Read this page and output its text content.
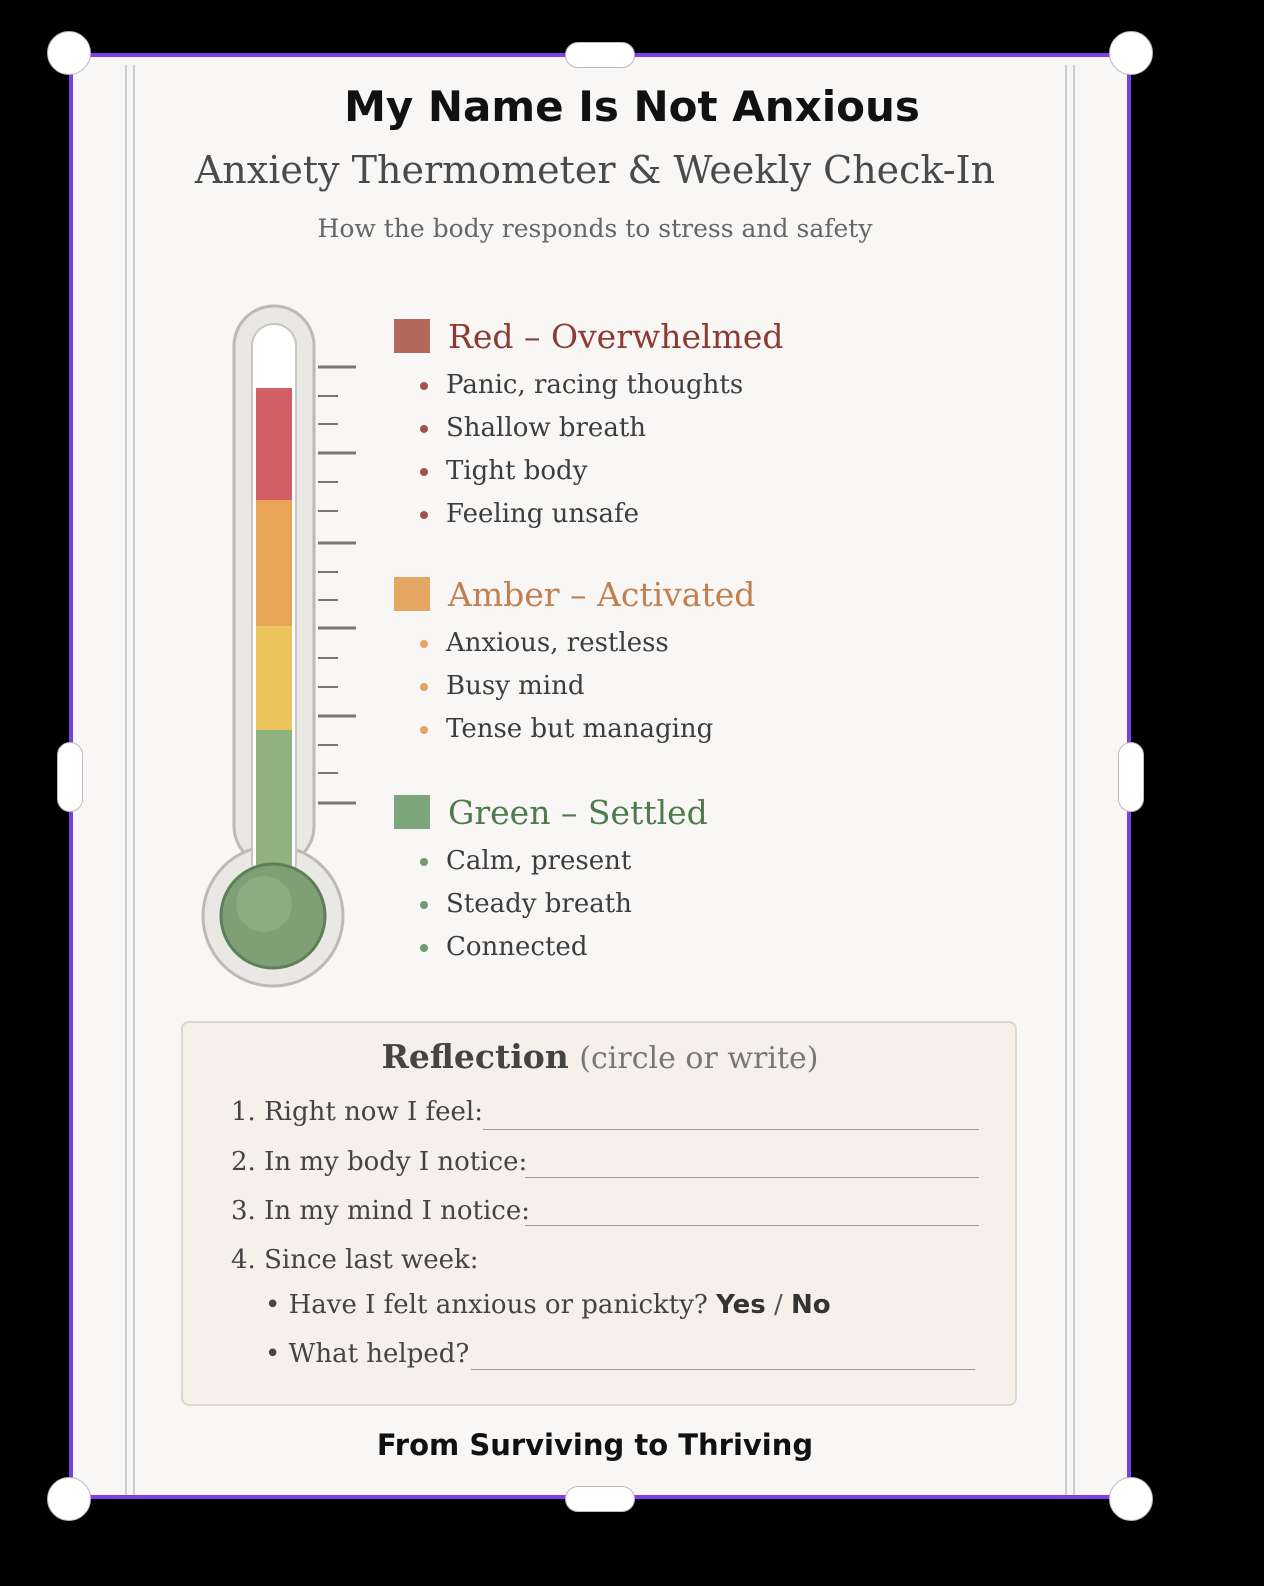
My Name Is Not Anxious
Anxiety Thermometer & Weekly Check-In
How the body responds to stress and safety
Red – Overwhelmed
Panic, racing thoughts
Shallow breath
Tight body
Feeling unsafe
Amber – Activated
Anxious, restless
Busy mind
Tense but managing
Green – Settled
Calm, present
Steady breath
Connected
Reflection (circle or write)
1. Right now I feel:
2. In my body I notice:
3. In my mind I notice:
4. Since last week:
• Have I felt anxious or panickty? Yes / No
• What helped?
From Surviving to Thriving
